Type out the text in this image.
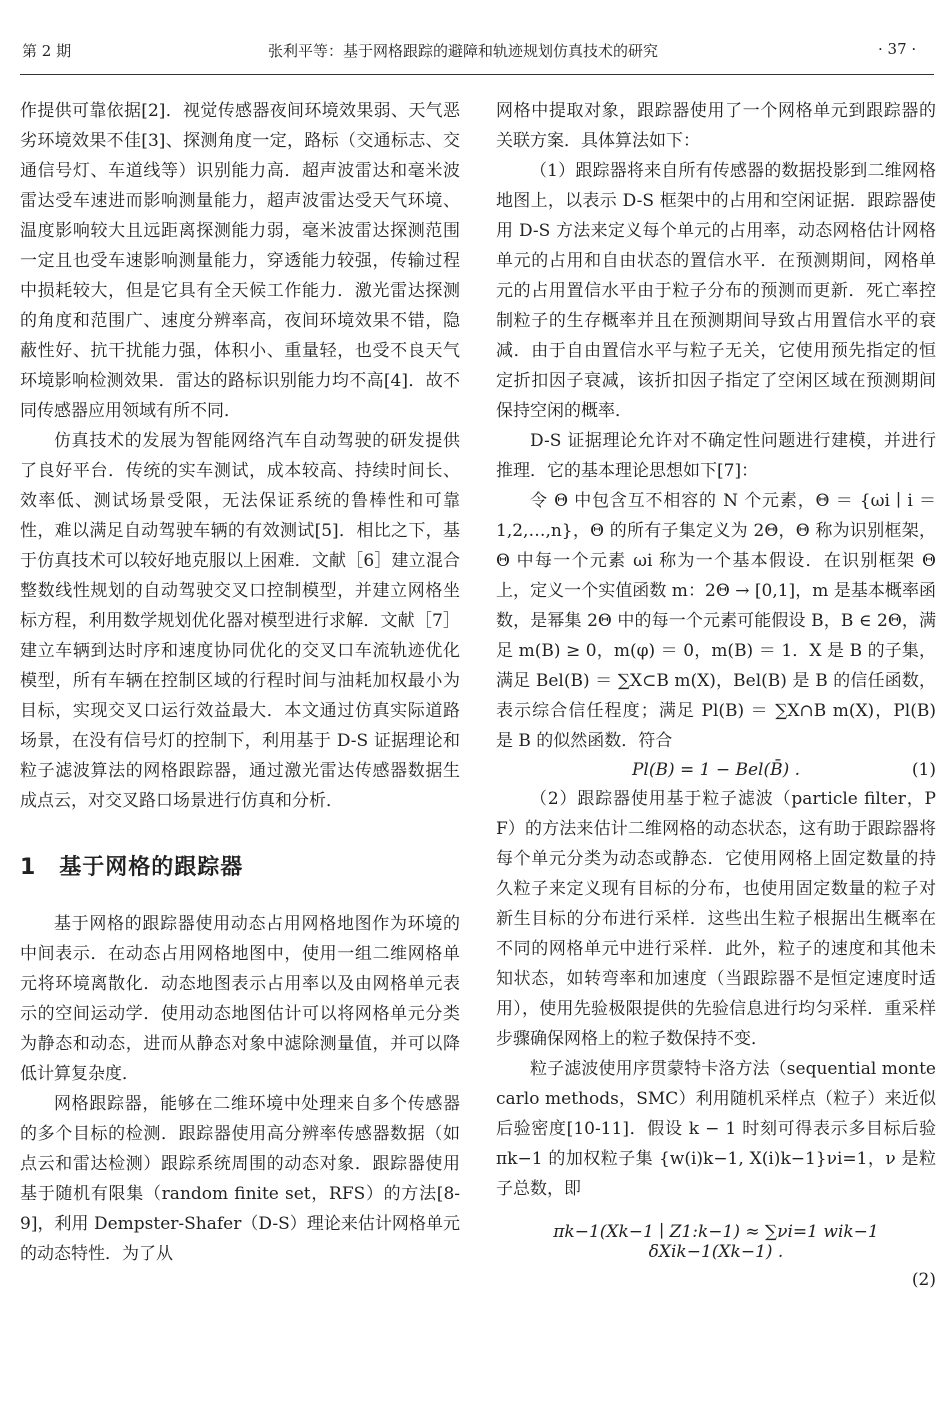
第 2 期	张利平等：基于网格跟踪的避障和轨迹规划仿真技术的研究	· 37 ·

作提供可靠依据[2]．视觉传感器夜间环境效果弱、天气恶劣环境效果不佳[3]、探测角度一定，路标（交通标志、交通信号灯、车道线等）识别能力高．超声波雷达和毫米波雷达受车速进而影响测量能力，超声波雷达受天气环境、温度影响较大且远距离探测能力弱，毫米波雷达探测范围一定且也受车速影响测量能力，穿透能力较强，传输过程中损耗较大，但是它具有全天候工作能力．激光雷达探测的角度和范围广、速度分辨率高，夜间环境效果不错，隐蔽性好、抗干扰能力强，体积小、重量轻，也受不良天气环境影响检测效果．雷达的路标识别能力均不高[4]．故不同传感器应用领域有所不同．

仿真技术的发展为智能网络汽车自动驾驶的研发提供了良好平台．传统的实车测试，成本较高、持续时间长、效率低、测试场景受限，无法保证系统的鲁棒性和可靠性，难以满足自动驾驶车辆的有效测试[5]．相比之下，基于仿真技术可以较好地克服以上困难．文献［6］建立混合整数线性规划的自动驾驶交叉口控制模型，并建立网格坐标方程，利用数学规划优化器对模型进行求解．文献［7］建立车辆到达时序和速度协同优化的交叉口车流轨迹优化模型，所有车辆在控制区域的行程时间与油耗加权最小为目标，实现交叉口运行效益最大．本文通过仿真实际道路场景，在没有信号灯的控制下，利用基于 D-S 证据理论和粒子滤波算法的网格跟踪器，通过激光雷达传感器数据生成点云，对交叉路口场景进行仿真和分析．

1　基于网格的跟踪器

基于网格的跟踪器使用动态占用网格地图作为环境的中间表示．在动态占用网格地图中，使用一组二维网格单元将环境离散化．动态地图表示占用率以及由网格单元表示的空间运动学．使用动态地图估计可以将网格单元分类为静态和动态，进而从静态对象中滤除测量值，并可以降低计算复杂度．

网格跟踪器，能够在二维环境中处理来自多个传感器的多个目标的检测．跟踪器使用高分辨率传感器数据（如点云和雷达检测）跟踪系统周围的动态对象．跟踪器使用基于随机有限集（random finite set，RFS）的方法[8-9]，利用 Dempster-Shafer（D-S）理论来估计网格单元的动态特性．为了从

网格中提取对象，跟踪器使用了一个网格单元到跟踪器的关联方案．具体算法如下：

（1）跟踪器将来自所有传感器的数据投影到二维网格地图上，以表示 D-S 框架中的占用和空闲证据．跟踪器使用 D-S 方法来定义每个单元的占用率，动态网格估计网格单元的占用和自由状态的置信水平．在预测期间，网格单元的占用置信水平由于粒子分布的预测而更新．死亡率控制粒子的生存概率并且在预测期间导致占用置信水平的衰减．由于自由置信水平与粒子无关，它使用预先指定的恒定折扣因子衰减，该折扣因子指定了空闲区域在预测期间保持空闲的概率．

D-S 证据理论允许对不确定性问题进行建模，并进行推理．它的基本理论思想如下[7]：

令 Θ 中包含互不相容的 N 个元素，Θ ＝ {ωi ∣ i ＝ 1,2,…,n}，Θ 的所有子集定义为 2Θ，Θ 称为识别框架，Θ 中每一个元素 ωi 称为一个基本假设．在识别框架 Θ 上，定义一个实值函数 m：2Θ → [0,1]，m 是基本概率函数，是幂集 2Θ 中的每一个元素可能假设 B，B ∈ 2Θ，满足 m(B) ≥ 0，m(φ) ＝ 0，m(B) ＝ 1．X 是 B 的子集，满足 Bel(B) ＝ ∑X⊂B m(X)，Bel(B) 是 B 的信任函数，表示综合信任程度；满足 Pl(B) ＝ ∑X∩B m(X)，Pl(B) 是 B 的似然函数．符合

Pl(B) = 1 − Bel(B̄) .	(1)

（2）跟踪器使用基于粒子滤波（particle filter，PF）的方法来估计二维网格的动态状态，这有助于跟踪器将每个单元分类为动态或静态．它使用网格上固定数量的持久粒子来定义现有目标的分布，也使用固定数量的粒子对新生目标的分布进行采样．这些出生粒子根据出生概率在不同的网格单元中进行采样．此外，粒子的速度和其他未知状态，如转弯率和加速度（当跟踪器不是恒定速度时适用），使用先验极限提供的先验信息进行均匀采样．重采样步骤确保网格上的粒子数保持不变．

粒子滤波使用序贯蒙特卡洛方法（sequential monte carlo methods，SMC）利用随机采样点（粒子）来近似后验密度[10-11]．假设 k − 1 时刻可得表示多目标后验 πk−1 的加权粒子集 {w(i)k−1, X(i)k−1}νi=1，ν 是粒子总数，即

πk−1(Xk−1 ∣ Z1:k−1) ≈ ∑νi=1 wik−1 δXik−1(Xk−1) .
(2)
